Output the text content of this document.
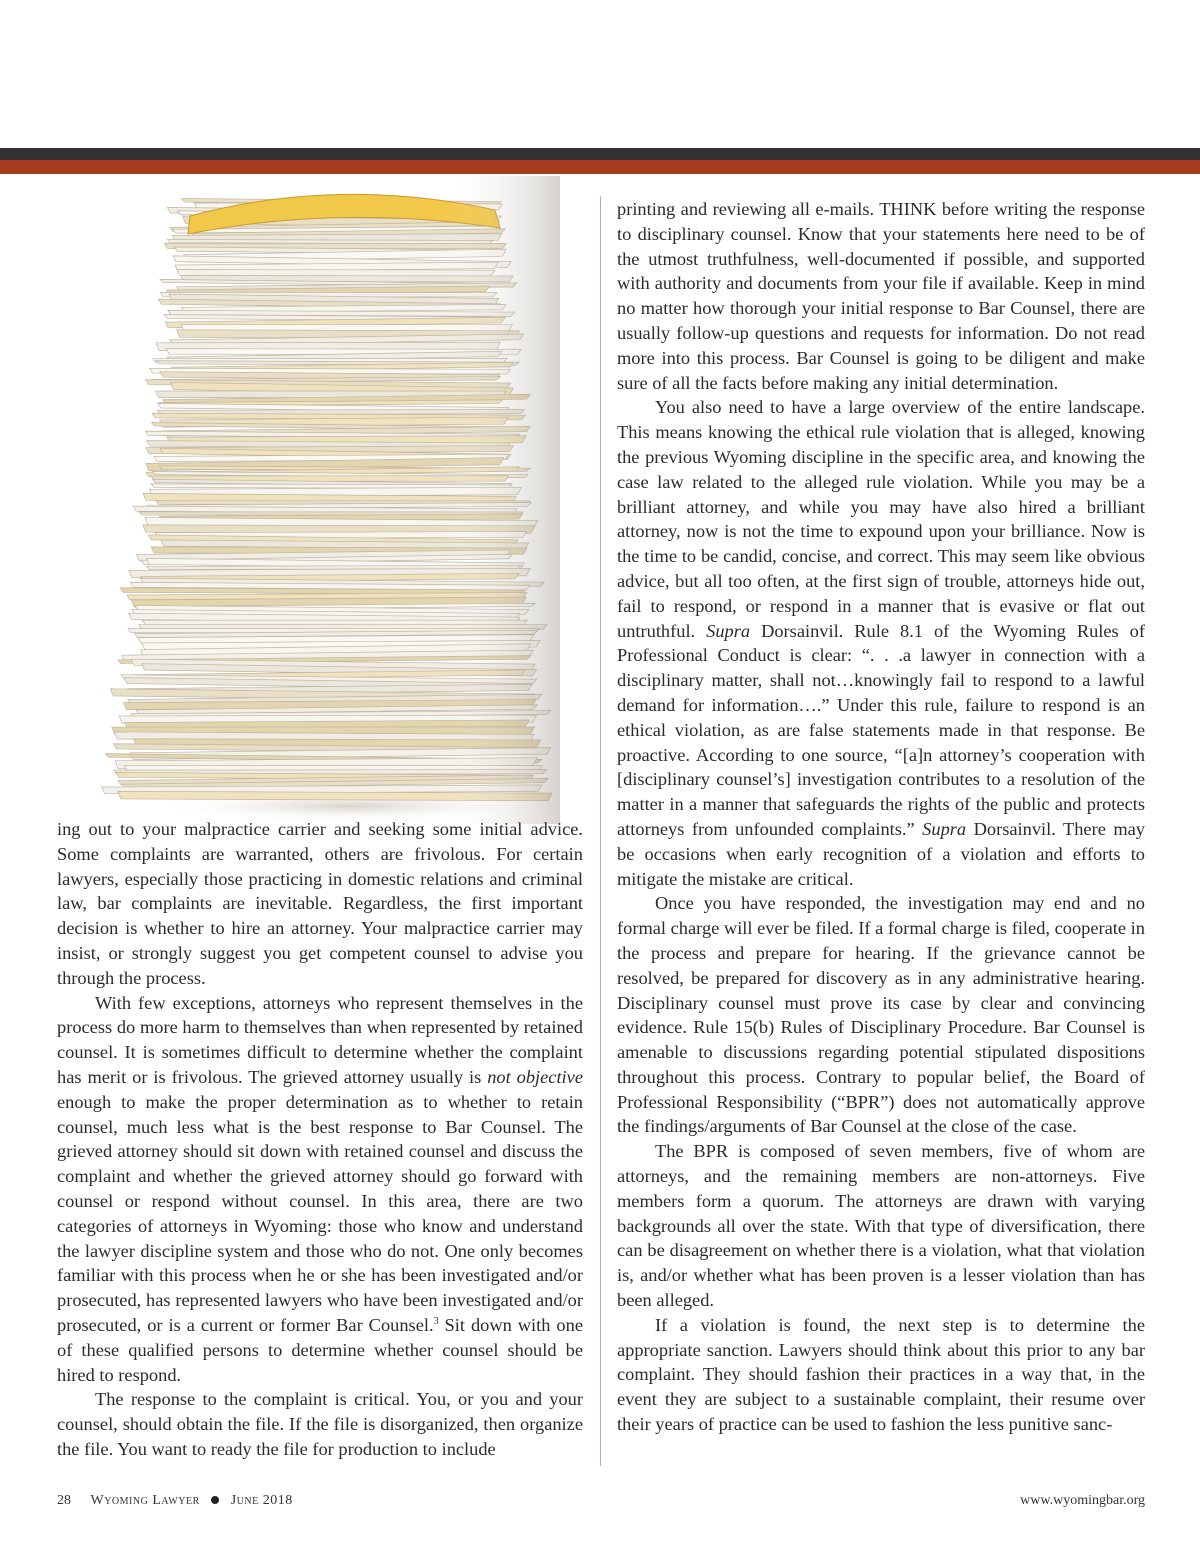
ing out to your malpractice carrier and seeking some initial advice. Some complaints are warranted, others are frivolous. For certain lawyers, especially those practicing in domestic relations and criminal law, bar complaints are inevitable. Regardless, the first important decision is whether to hire an attorney. Your malpractice carrier may insist, or strongly suggest you get competent counsel to advise you through the process.

With few exceptions, attorneys who represent themselves in the process do more harm to themselves than when represented by retained counsel. It is sometimes difficult to determine whether the complaint has merit or is frivolous. The grieved attorney usually is not objective enough to make the proper determination as to whether to retain counsel, much less what is the best response to Bar Counsel. The grieved attorney should sit down with retained counsel and discuss the complaint and whether the grieved attorney should go forward with counsel or respond without counsel. In this area, there are two categories of attorneys in Wyoming: those who know and understand the lawyer discipline system and those who do not. One only becomes familiar with this process when he or she has been investigated and/or prosecuted, has represented lawyers who have been investigated and/or prosecuted, or is a current or former Bar Counsel.$^3$ Sit down with one of these qualified persons to determine whether counsel should be hired to respond.

The response to the complaint is critical. You, or you and your counsel, should obtain the file. If the file is disorganized, then organize the file. You want to ready the file for production to include

printing and reviewing all e-mails. THINK before writing the response to disciplinary counsel. Know that your statements here need to be of the utmost truthfulness, well-documented if possible, and supported with authority and documents from your file if available. Keep in mind no matter how thorough your initial response to Bar Counsel, there are usually follow-up questions and requests for information. Do not read more into this process. Bar Counsel is going to be diligent and make sure of all the facts before making any initial determination.

You also need to have a large overview of the entire landscape. This means knowing the ethical rule violation that is alleged, knowing the previous Wyoming discipline in the specific area, and knowing the case law related to the alleged rule violation. While you may be a brilliant attorney, and while you may have also hired a brilliant attorney, now is not the time to expound upon your brilliance. Now is the time to be candid, concise, and correct. This may seem like obvious advice, but all too often, at the first sign of trouble, attorneys hide out, fail to respond, or respond in a manner that is evasive or flat out untruthful. Supra Dorsainvil. Rule 8.1 of the Wyoming Rules of Professional Conduct is clear: “. . .a lawyer in connection with a disciplinary matter, shall not…knowingly fail to respond to a lawful demand for information….” Under this rule, failure to respond is an ethical violation, as are false statements made in that response. Be proactive. According to one source, “[a]n attorney’s cooperation with [disciplinary counsel’s] investigation contributes to a resolution of the matter in a manner that safeguards the rights of the public and protects attorneys from unfounded complaints.” Supra Dorsainvil. There may be occasions when early recognition of a violation and efforts to mitigate the mistake are critical.

Once you have responded, the investigation may end and no formal charge will ever be filed. If a formal charge is filed, cooperate in the process and prepare for hearing. If the grievance cannot be resolved, be prepared for discovery as in any administrative hearing. Disciplinary counsel must prove its case by clear and convincing evidence. Rule 15(b) Rules of Disciplinary Procedure. Bar Counsel is amenable to discussions regarding potential stipulated dispositions throughout this process. Contrary to popular belief, the Board of Professional Responsibility (“BPR”) does not automatically approve the findings/arguments of Bar Counsel at the close of the case.

The BPR is composed of seven members, five of whom are attorneys, and the remaining members are non-attorneys. Five members form a quorum. The attorneys are drawn with varying backgrounds all over the state. With that type of diversification, there can be disagreement on whether there is a violation, what that violation is, and/or whether what has been proven is a lesser violation than has been alleged.

If a violation is found, the next step is to determine the appropriate sanction. Lawyers should think about this prior to any bar complaint. They should fashion their practices in a way that, in the event they are subject to a sustainable complaint, their resume over their years of practice can be used to fashion the less punitive sanc-

28 Wyoming Lawyer June 2018	www.wyomingbar.org
